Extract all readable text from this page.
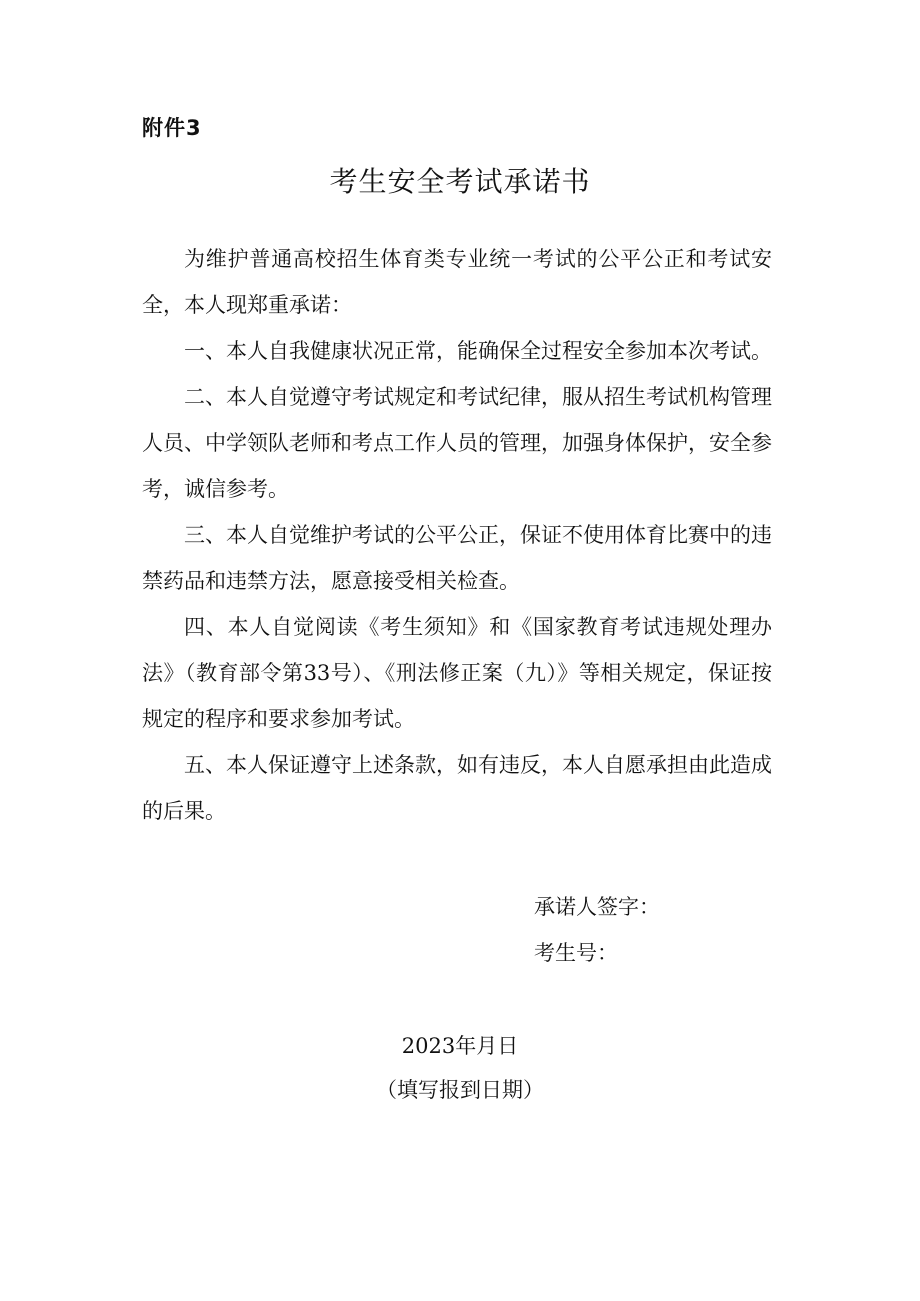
附件3
考生安全考试承诺书

为维护普通高校招生体育类专业统一考试的公平公正和考试安全，本人现郑重承诺：

一、本人自我健康状况正常，能确保全过程安全参加本次考试。

二、本人自觉遵守考试规定和考试纪律，服从招生考试机构管理人员、中学领队老师和考点工作人员的管理，加强身体保护，安全参考，诚信参考。

三、本人自觉维护考试的公平公正，保证不使用体育比赛中的违禁药品和违禁方法，愿意接受相关检查。

四、本人自觉阅读《考生须知》和《国家教育考试违规处理办法》（教育部令第33号）、《刑法修正案（九）》等相关规定，保证按规定的程序和要求参加考试。

五、本人保证遵守上述条款，如有违反，本人自愿承担由此造成的后果。

承诺人签字：
考生号：
2023年月日
（填写报到日期）
